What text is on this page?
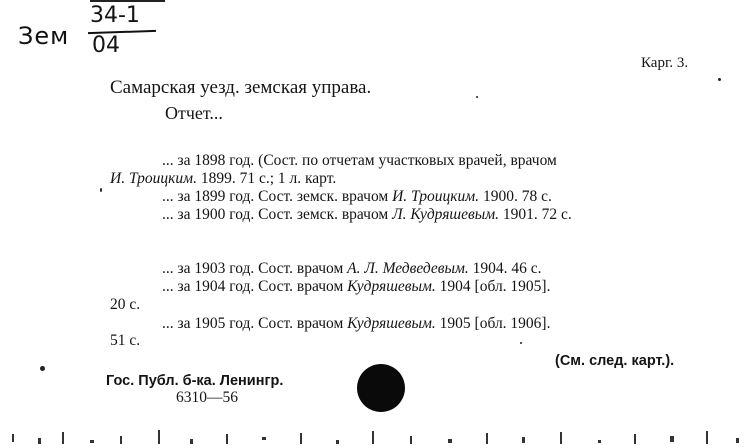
Зем
34-1
04
Карг. 3.
Самарская уезд. земская управа.
Отчет...
... за 1898 год. (Сост. по отчетам участковых врачей, врачом
И. Троицким. 1899. 71 с.; 1 л. карт.
... за 1899 год. Сост. земск. врачом И. Троицким. 1900. 78 с.
... за 1900 год. Сост. земск. врачом Л. Кудряшевым. 1901. 72 с.
... за 1903 год. Сост. врачом А. Л. Медведевым. 1904. 46 с.
... за 1904 год. Сост. врачом Кудряшевым. 1904 [обл. 1905].
20 с.
... за 1905 год. Сост. врачом Кудряшевым. 1905 [обл. 1906].
51 с.
(См. след. карт.).
Гос. Публ. б-ка. Ленингр.
6310—56
